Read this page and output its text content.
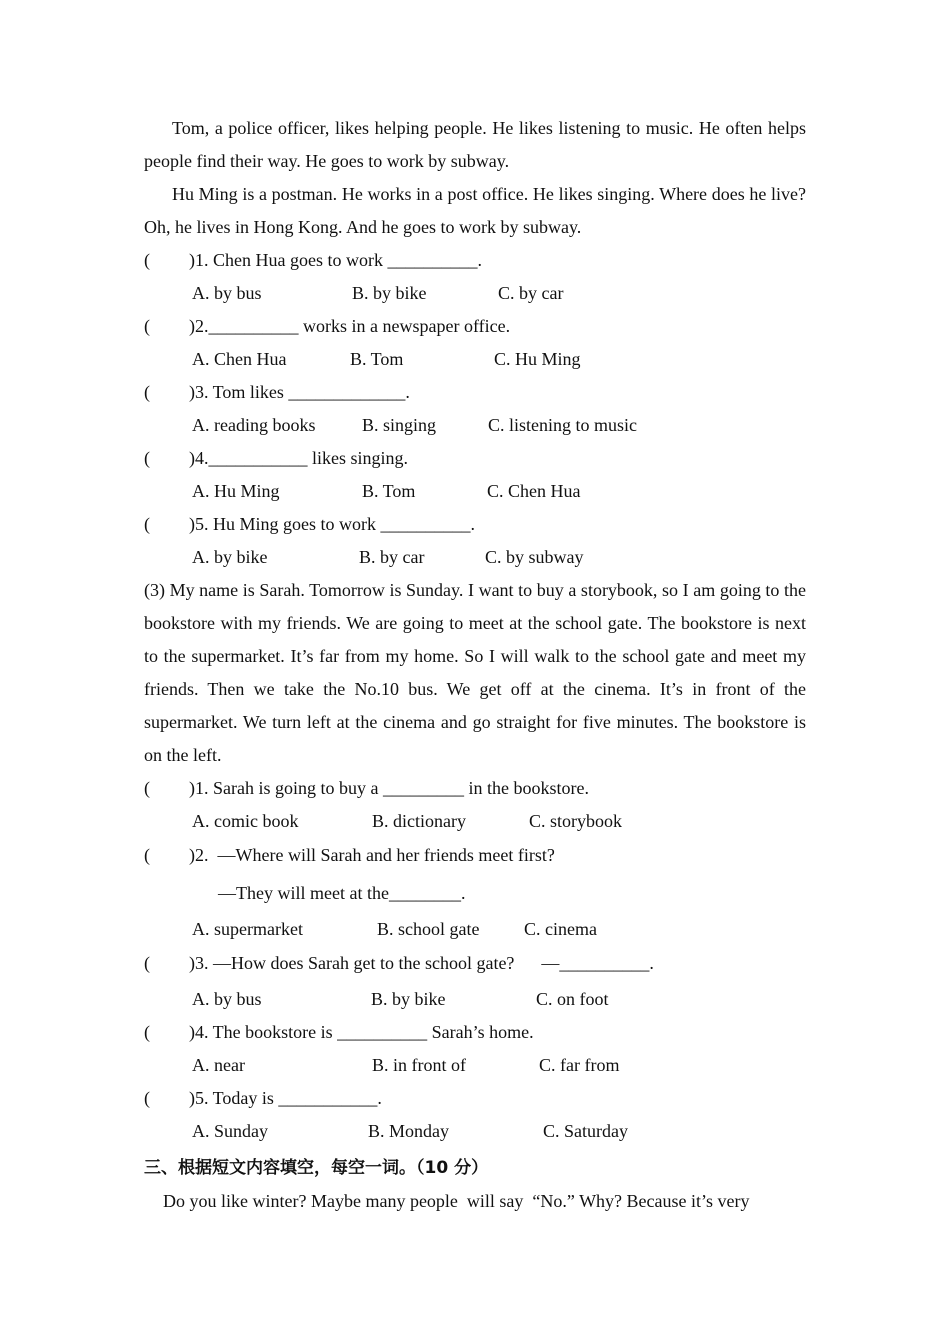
Tom, a police officer, likes helping people. He likes listening to music. He often helps people find their way. He goes to work by subway.
Hu Ming is a postman. He works in a post office. He likes singing. Where does he live? Oh, he lives in Hong Kong. And he goes to work by subway.
( )1. Chen Hua goes to work __________.
A. by bus	B. by bike	C. by car
( )2.__________ works in a newspaper office.
A. Chen Hua	B. Tom	C. Hu Ming
( )3. Tom likes _____________.
A. reading books	B. singing	C. listening to music
( )4.___________ likes singing.
A. Hu Ming	B. Tom	C. Chen Hua
( )5. Hu Ming goes to work __________.
A. by bike	B. by car	C. by subway
(3) My name is Sarah. Tomorrow is Sunday. I want to buy a storybook, so I am going to the bookstore with my friends. We are going to meet at the school gate. The bookstore is next to the supermarket. It’s far from my home. So I will walk to the school gate and meet my friends. Then we take the No.10 bus. We get off at the cinema. It’s in front of the supermarket. We turn left at the cinema and go straight for five minutes. The bookstore is on the left.
( )1. Sarah is going to buy a _________ in the bookstore.
A. comic book	B. dictionary	C. storybook
( )2.  —Where will Sarah and her friends meet first?
—They will meet at the________.
A. supermarket	B. school gate C. cinema
( )3. —How does Sarah get to the school gate?      —__________.
A. by bus	B. by bike	C. on foot
( )4. The bookstore is __________ Sarah’s home.
A. near	B. in front of	C. far from
( )5. Today is ___________.
A. Sunday	B. Monday	C. Saturday
三、根据短文内容填空，每空一词。（10 分）
Do you like winter? Maybe many people  will say  “No.” Why? Because it’s very
